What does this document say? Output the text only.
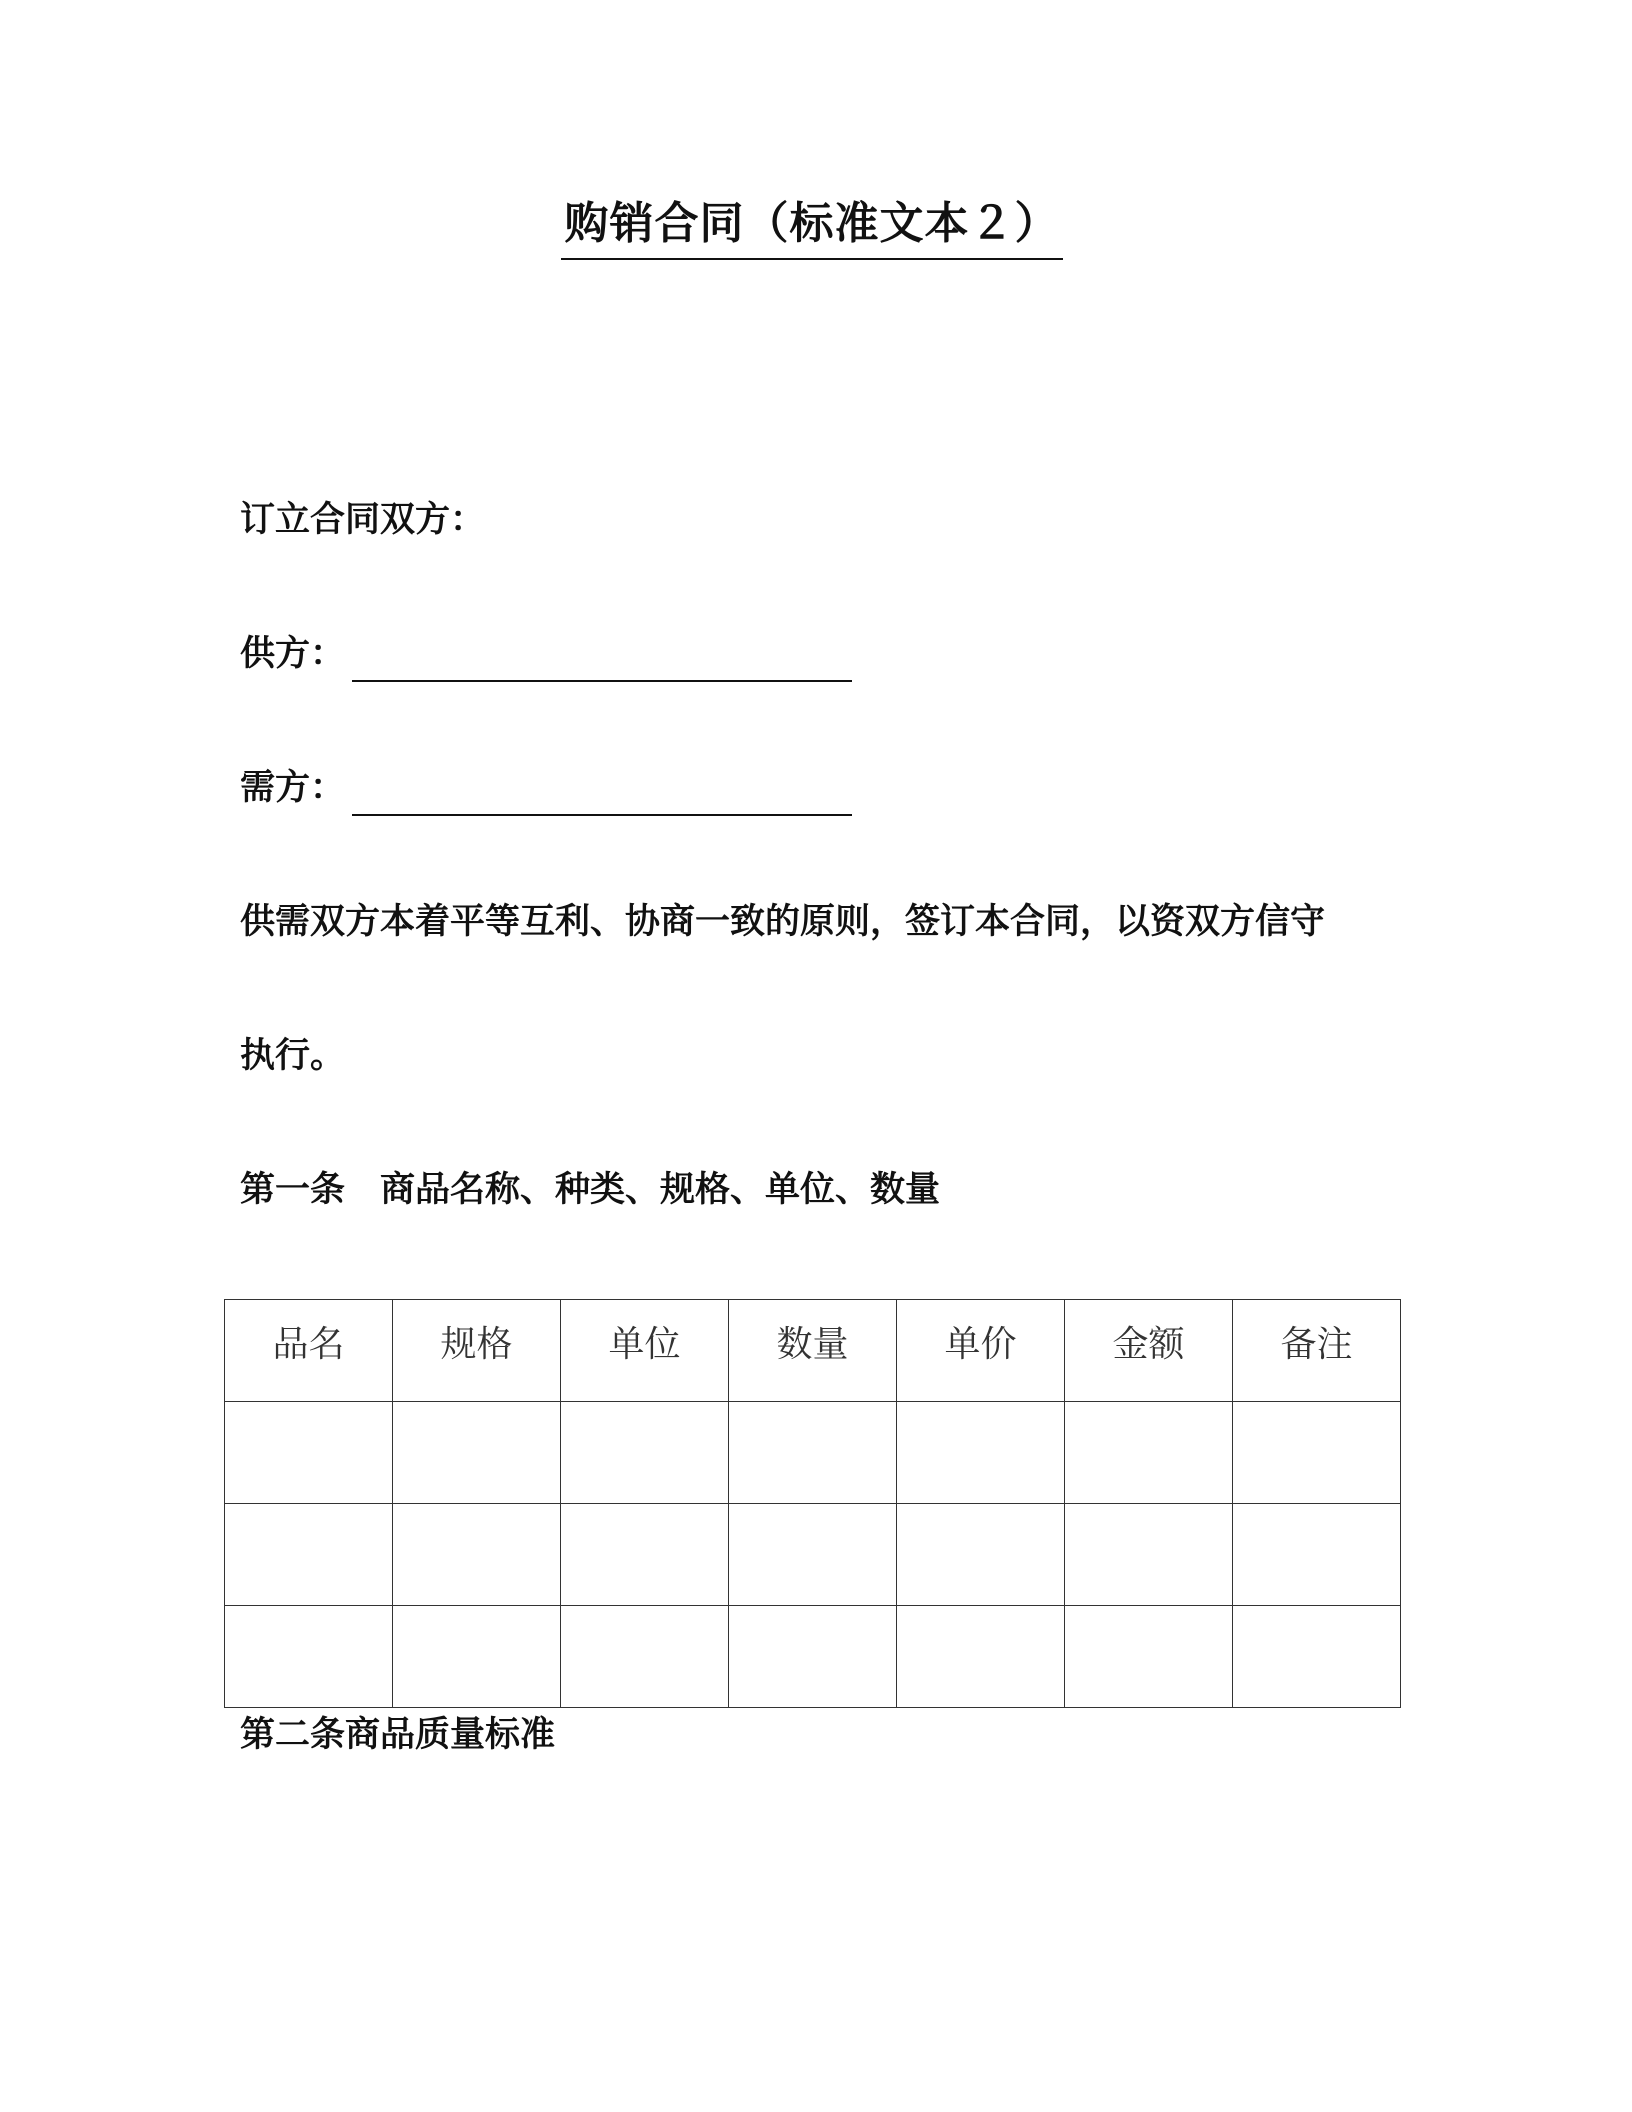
购销合同（标准文本２）
订立合同双方：
供方：
需方：
供需双方本着平等互利、协商一致的原则，签订本合同，以资双方信守
执行。
第一条　商品名称、种类、规格、单位、数量
品名	规格	单位	数量	单价	金额	备注

第二条商品质量标准
